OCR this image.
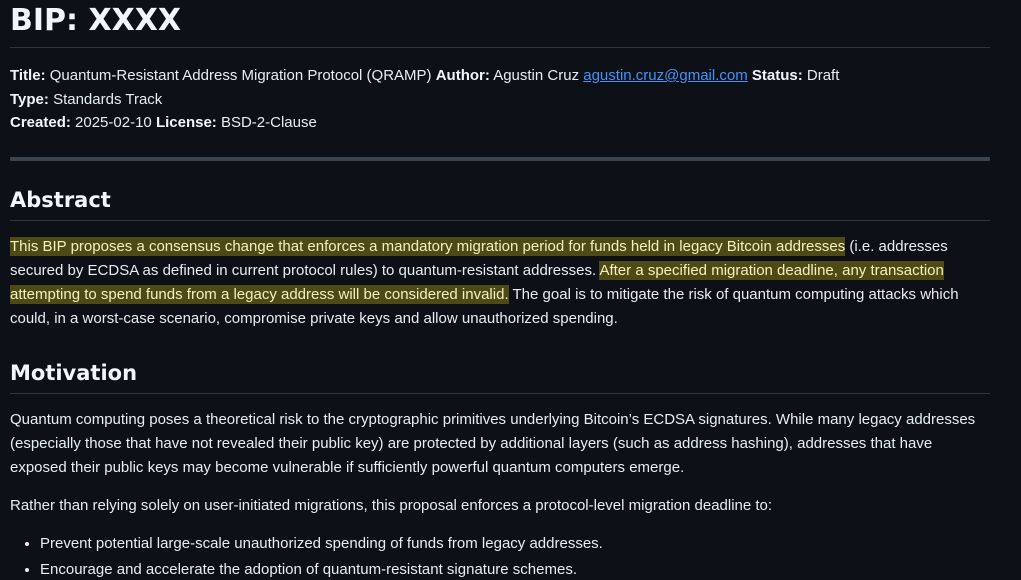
BIP: XXXX
Title: Quantum-Resistant Address Migration Protocol (QRAMP) Author: Agustin Cruz agustin.cruz@gmail.com Status: Draft
Type: Standards Track
Created: 2025-02-10 License: BSD-2-Clause
Abstract

This BIP proposes a consensus change that enforces a mandatory migration period for funds held in legacy Bitcoin addresses (i.e. addresses secured by ECDSA as defined in current protocol rules) to quantum-resistant addresses. After a specified migration deadline, any transaction attempting to spend funds from a legacy address will be considered invalid. The goal is to mitigate the risk of quantum computing attacks which could, in a worst-case scenario, compromise private keys and allow unauthorized spending.

Motivation

Quantum computing poses a theoretical risk to the cryptographic primitives underlying Bitcoin’s ECDSA signatures. While many legacy addresses (especially those that have not revealed their public key) are protected by additional layers (such as address hashing), addresses that have exposed their public keys may become vulnerable if sufficiently powerful quantum computers emerge.

Rather than relying solely on user-initiated migrations, this proposal enforces a protocol-level migration deadline to:

• Prevent potential large-scale unauthorized spending of funds from legacy addresses.
• Encourage and accelerate the adoption of quantum-resistant signature schemes.
